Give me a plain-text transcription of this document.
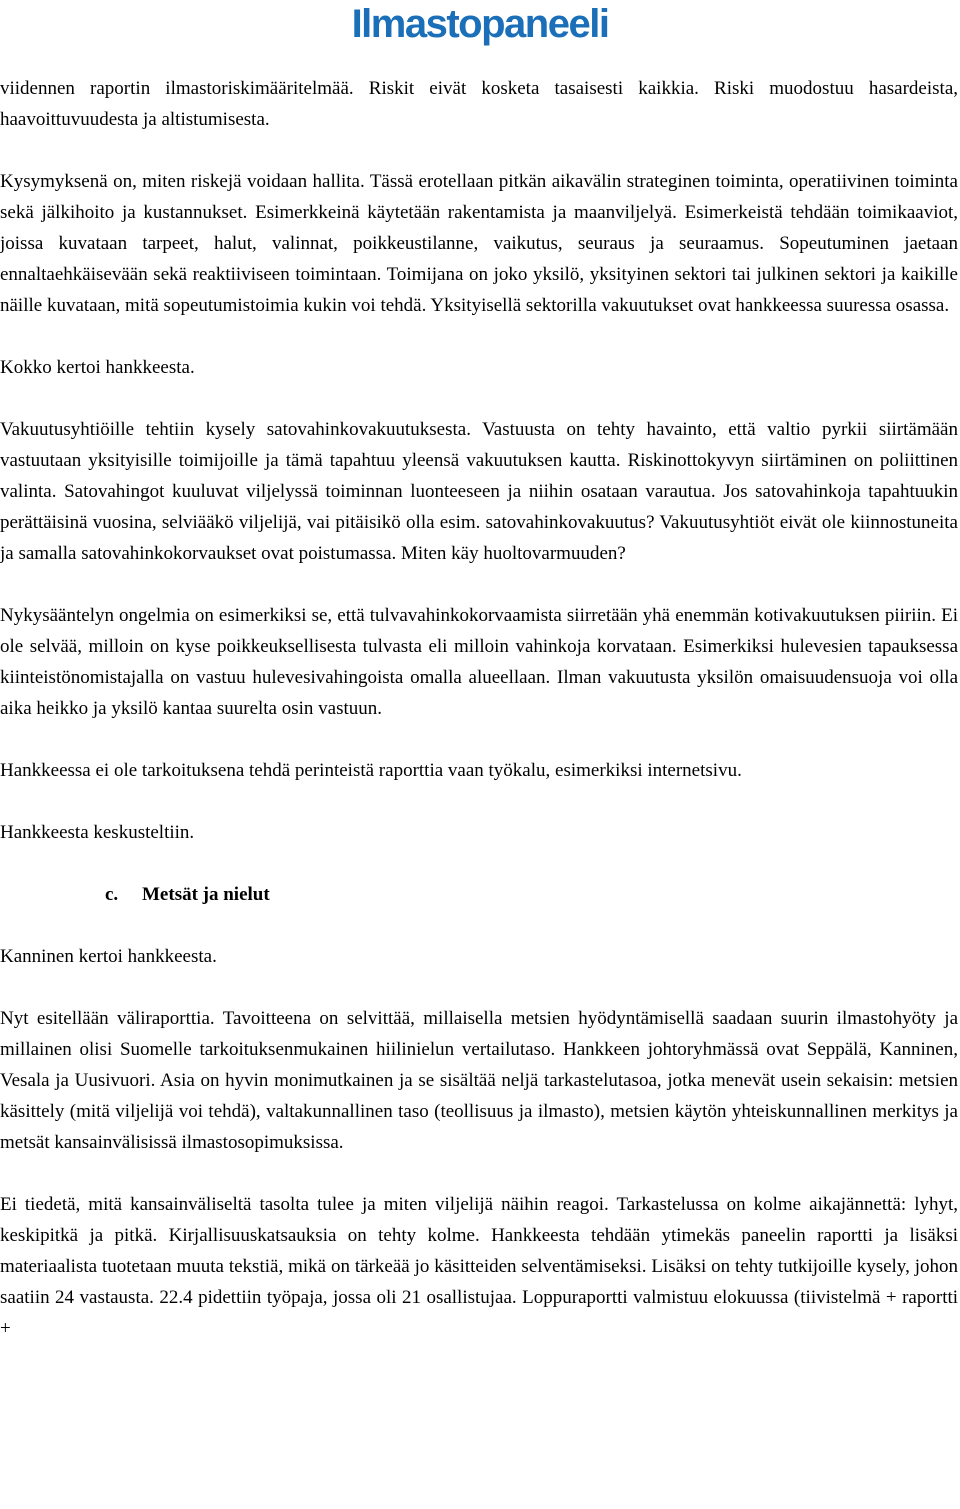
Ilmastopaneeli

viidennen raportin ilmastoriskimääritelmää. Riskit eivät kosketa tasaisesti kaikkia. Riski muodostuu hasardeista, haavoittuvuudesta ja altistumisesta.

Kysymyksenä on, miten riskejä voidaan hallita. Tässä erotellaan pitkän aikavälin strateginen toiminta, operatiivinen toiminta sekä jälkihoito ja kustannukset. Esimerkkeinä käytetään rakentamista ja maanviljelyä. Esimerkeistä tehdään toimikaaviot, joissa kuvataan tarpeet, halut, valinnat, poikkeustilanne, vaikutus, seuraus ja seuraamus. Sopeutuminen jaetaan ennaltaehkäisevään sekä reaktiiviseen toimintaan. Toimijana on joko yksilö, yksityinen sektori tai julkinen sektori ja kaikille näille kuvataan, mitä sopeutumistoimia kukin voi tehdä. Yksityisellä sektorilla vakuutukset ovat hankkeessa suuressa osassa.

Kokko kertoi hankkeesta.

Vakuutusyhtiöille tehtiin kysely satovahinkovakuutuksesta. Vastuusta on tehty havainto, että valtio pyrkii siirtämään vastuutaan yksityisille toimijoille ja tämä tapahtuu yleensä vakuutuksen kautta. Riskinottokyvyn siirtäminen on poliittinen valinta. Satovahingot kuuluvat viljelyssä toiminnan luonteeseen ja niihin osataan varautua. Jos satovahinkoja tapahtuukin perättäisinä vuosina, selviääkö viljelijä, vai pitäisikö olla esim. satovahinkovakuutus? Vakuutusyhtiöt eivät ole kiinnostuneita ja samalla satovahinkokorvaukset ovat poistumassa. Miten käy huoltovarmuuden?

Nykysääntelyn ongelmia on esimerkiksi se, että tulvavahinkokorvaamista siirretään yhä enemmän kotivakuutuksen piiriin. Ei ole selvää, milloin on kyse poikkeuksellisesta tulvasta eli milloin vahinkoja korvataan. Esimerkiksi hulevesien tapauksessa kiinteistönomistajalla on vastuu hulevesivahingoista omalla alueellaan. Ilman vakuutusta yksilön omaisuudensuoja voi olla aika heikko ja yksilö kantaa suurelta osin vastuun.

Hankkeessa ei ole tarkoituksena tehdä perinteistä raporttia vaan työkalu, esimerkiksi internetsivu.

Hankkeesta keskusteltiin.

c. Metsät ja nielut

Kanninen kertoi hankkeesta.

Nyt esitellään väliraporttia. Tavoitteena on selvittää, millaisella metsien hyödyntämisellä saadaan suurin ilmastohyöty ja millainen olisi Suomelle tarkoituksenmukainen hiilinielun vertailutaso. Hankkeen johtoryhmässä ovat Seppälä, Kanninen, Vesala ja Uusivuori. Asia on hyvin monimutkainen ja se sisältää neljä tarkastelutasoa, jotka menevät usein sekaisin: metsien käsittely (mitä viljelijä voi tehdä), valtakunnallinen taso (teollisuus ja ilmasto), metsien käytön yhteiskunnallinen merkitys ja metsät kansainvälisissä ilmastosopimuksissa.

Ei tiedetä, mitä kansainväliseltä tasolta tulee ja miten viljelijä näihin reagoi. Tarkastelussa on kolme aikajännettä: lyhyt, keskipitkä ja pitkä. Kirjallisuuskatsauksia on tehty kolme. Hankkeesta tehdään ytimekäs paneelin raportti ja lisäksi materiaalista tuotetaan muuta tekstiä, mikä on tärkeää jo käsitteiden selventämiseksi. Lisäksi on tehty tutkijoille kysely, johon saatiin 24 vastausta. 22.4 pidettiin työpaja, jossa oli 21 osallistujaa. Loppuraportti valmistuu elokuussa (tiivistelmä + raportti +
